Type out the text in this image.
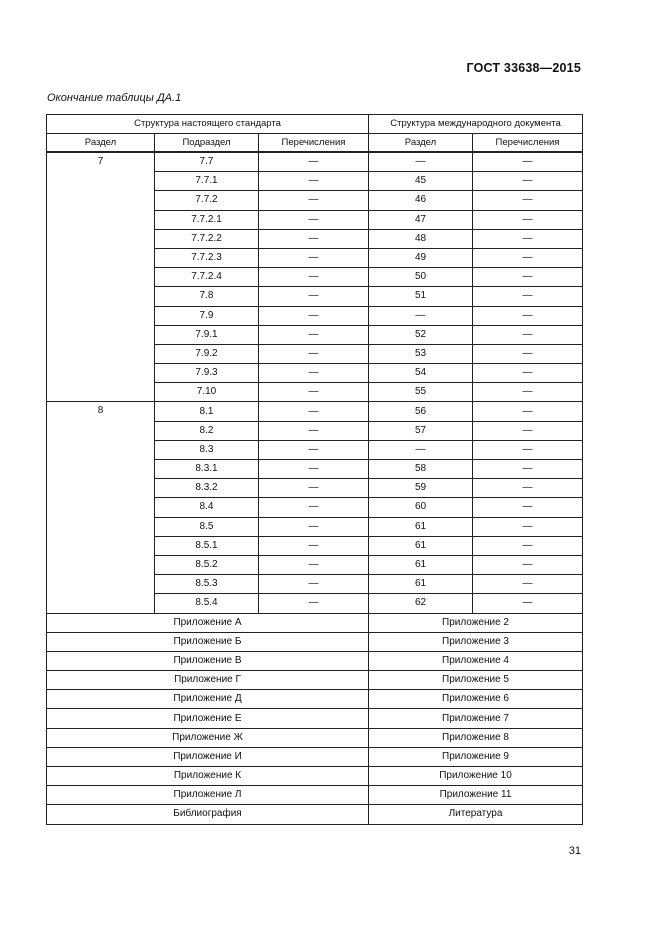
ГОСТ 33638—2015
Окончание таблицы ДА.1
Структура настоящего стандарта			Структура международного документа	
Раздел	Подраздел	Перечисления	Раздел	Перечисления
7	7.7	—	—	—
	7.7.1	—	45	—
	7.7.2	—	46	—
	7.7.2.1	—	47	—
	7.7.2.2	—	48	—
	7.7.2.3	—	49	—
	7.7.2.4	—	50	—
	7.8	—	51	—
	7.9	—	—	—
	7.9.1	—	52	—
	7.9.2	—	53	—
	7.9.3	—	54	—
	7.10	—	55	—
8	8.1	—	56	—
	8.2	—	57	—
	8.3	—	—	—
	8.3.1	—	58	—
	8.3.2	—	59	—
	8.4	—	60	—
	8.5	—	61	—
	8.5.1	—	61	—
	8.5.2	—	61	—
	8.5.3	—	61	—
	8.5.4	—	62	—
Приложение А			Приложение 2	
Приложение Б			Приложение 3	
Приложение В			Приложение 4	
Приложение Г			Приложение 5	
Приложение Д			Приложение 6	
Приложение Е			Приложение 7	
Приложение Ж			Приложение 8	
Приложение И			Приложение 9	
Приложение К			Приложение 10	
Приложение Л			Приложение 11	
Библиография			Литература	
31
